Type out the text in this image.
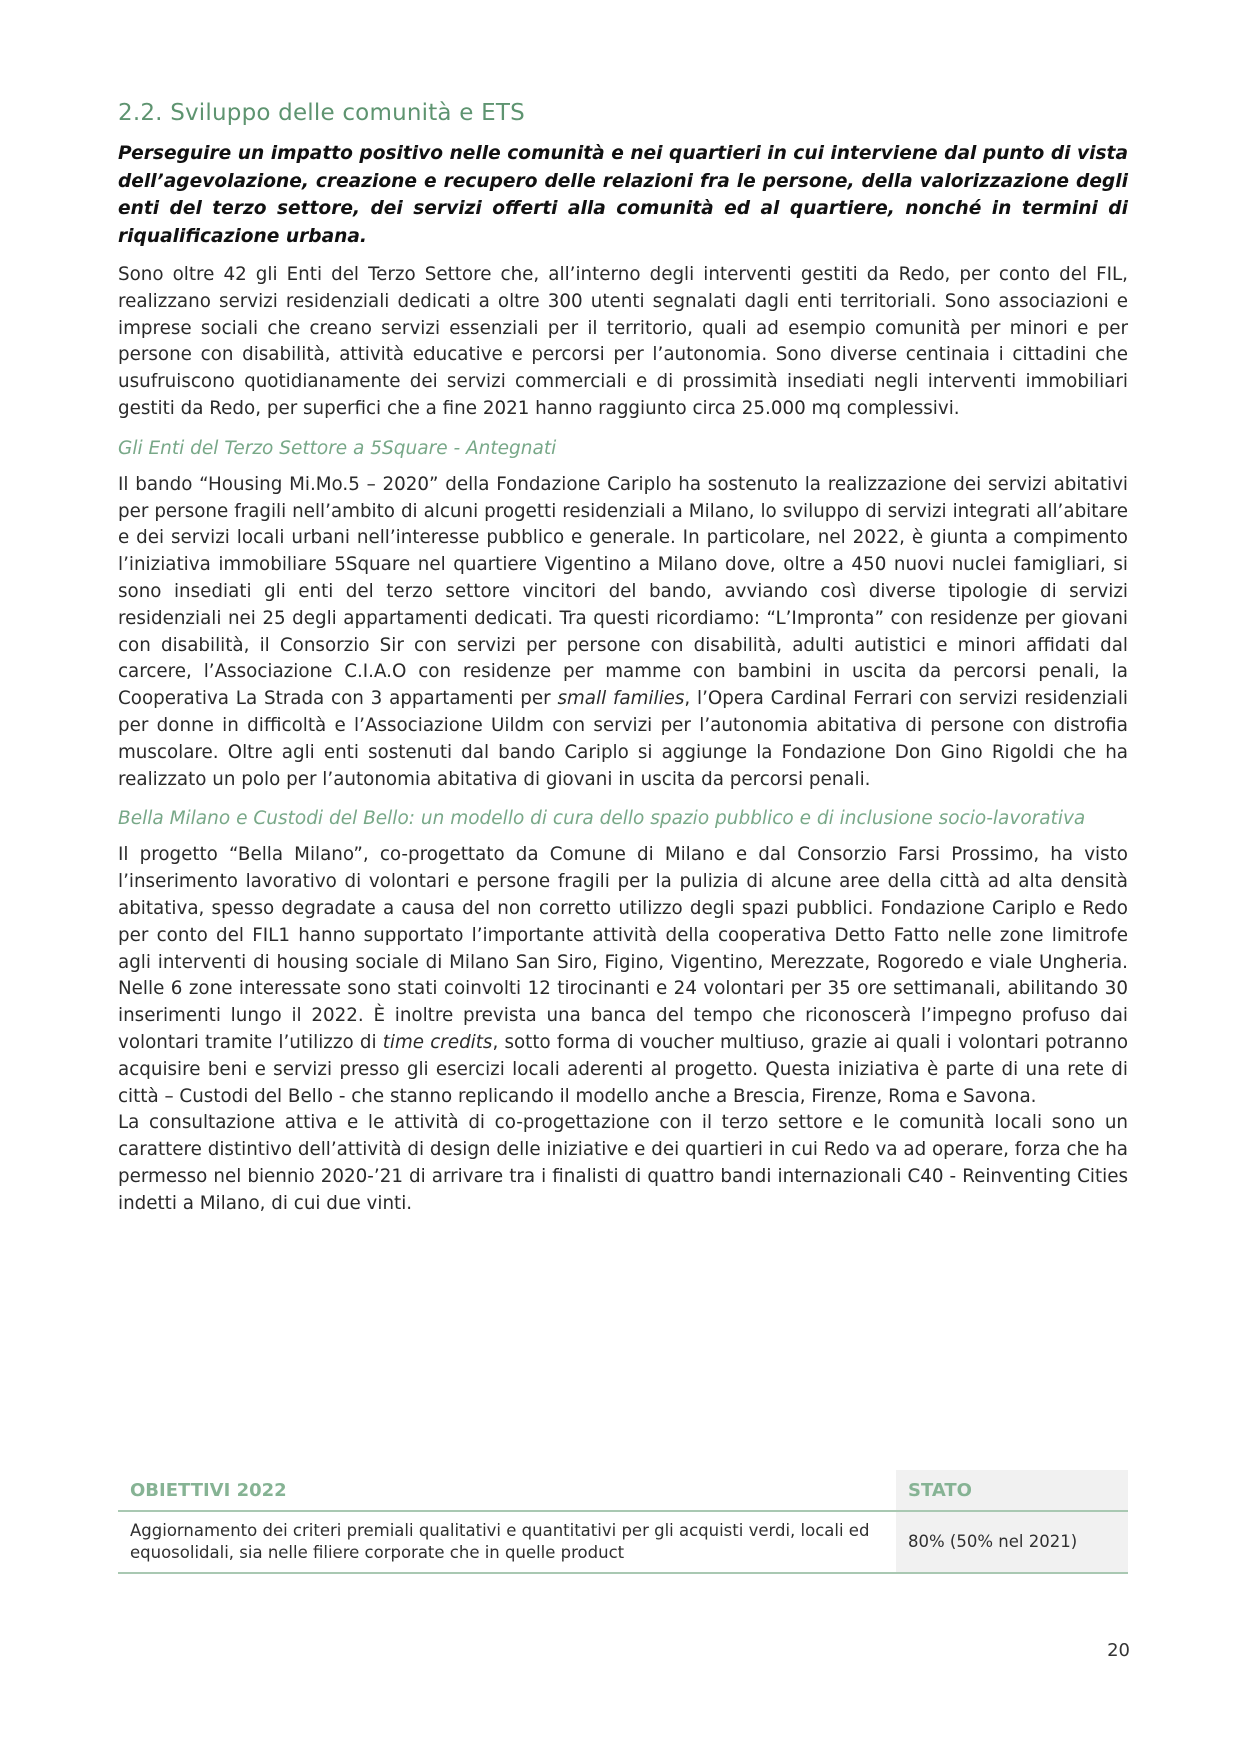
2.2. Sviluppo delle comunità e ETS

Perseguire un impatto positivo nelle comunità e nei quartieri in cui interviene dal punto di vista dell’agevolazione, creazione e recupero delle relazioni fra le persone, della valorizzazione degli enti del terzo settore, dei servizi offerti alla comunità ed al quartiere, nonché in termini di riqualificazione urbana.

Sono oltre 42 gli Enti del Terzo Settore che, all’interno degli interventi gestiti da Redo, per conto del FIL, realizzano servizi residenziali dedicati a oltre 300 utenti segnalati dagli enti territoriali. Sono associazioni e imprese sociali che creano servizi essenziali per il territorio, quali ad esempio comunità per minori e per persone con disabilità, attività educative e percorsi per l’autonomia. Sono diverse centinaia i cittadini che usufruiscono quotidianamente dei servizi commerciali e di prossimità insediati negli interventi immobiliari gestiti da Redo, per superfici che a fine 2021 hanno raggiunto circa 25.000 mq complessivi.

Gli Enti del Terzo Settore a 5Square - Antegnati

Il bando “Housing Mi.Mo.5 – 2020” della Fondazione Cariplo ha sostenuto la realizzazione dei servizi abitativi per persone fragili nell’ambito di alcuni progetti residenziali a Milano, lo sviluppo di servizi integrati all’abitare e dei servizi locali urbani nell’interesse pubblico e generale. In particolare, nel 2022, è giunta a compimento l’iniziativa immobiliare 5Square nel quartiere Vigentino a Milano dove, oltre a 450 nuovi nuclei famigliari, si sono insediati gli enti del terzo settore vincitori del bando, avviando così diverse tipologie di servizi residenziali nei 25 degli appartamenti dedicati. Tra questi ricordiamo: “L’Impronta” con residenze per giovani con disabilità, il Consorzio Sir con servizi per persone con disabilità, adulti autistici e minori affidati dal carcere, l’Associazione C.I.A.O con residenze per mamme con bambini in uscita da percorsi penali, la Cooperativa La Strada con 3 appartamenti per small families, l’Opera Cardinal Ferrari con servizi residenziali per donne in difficoltà e l’Associazione Uildm con servizi per l’autonomia abitativa di persone con distrofia muscolare. Oltre agli enti sostenuti dal bando Cariplo si aggiunge la Fondazione Don Gino Rigoldi che ha realizzato un polo per l’autonomia abitativa di giovani in uscita da percorsi penali.

Bella Milano e Custodi del Bello: un modello di cura dello spazio pubblico e di inclusione socio-lavorativa

Il progetto “Bella Milano”, co-progettato da Comune di Milano e dal Consorzio Farsi Prossimo, ha visto l’inserimento lavorativo di volontari e persone fragili per la pulizia di alcune aree della città ad alta densità abitativa, spesso degradate a causa del non corretto utilizzo degli spazi pubblici. Fondazione Cariplo e Redo per conto del FIL1 hanno supportato l’importante attività della cooperativa Detto Fatto nelle zone limitrofe agli interventi di housing sociale di Milano San Siro, Figino, Vigentino, Merezzate, Rogoredo e viale Ungheria. Nelle 6 zone interessate sono stati coinvolti 12 tirocinanti e 24 volontari per 35 ore settimanali, abilitando 30 inserimenti lungo il 2022. È inoltre prevista una banca del tempo che riconoscerà l’impegno profuso dai volontari tramite l’utilizzo di time credits, sotto forma di voucher multiuso, grazie ai quali i volontari potranno acquisire beni e servizi presso gli esercizi locali aderenti al progetto. Questa iniziativa è parte di una rete di città – Custodi del Bello - che stanno replicando il modello anche a Brescia, Firenze, Roma e Savona.

La consultazione attiva e le attività di co-progettazione con il terzo settore e le comunità locali sono un carattere distintivo dell’attività di design delle iniziative e dei quartieri in cui Redo va ad operare, forza che ha permesso nel biennio 2020-’21 di arrivare tra i finalisti di quattro bandi internazionali C40 - Reinventing Cities indetti a Milano, di cui due vinti.

OBIETTIVI 2022	STATO
Aggiornamento dei criteri premiali qualitativi e quantitativi per gli acquisti verdi, locali ed equosolidali, sia nelle filiere corporate che in quelle product	80% (50% nel 2021)
20
